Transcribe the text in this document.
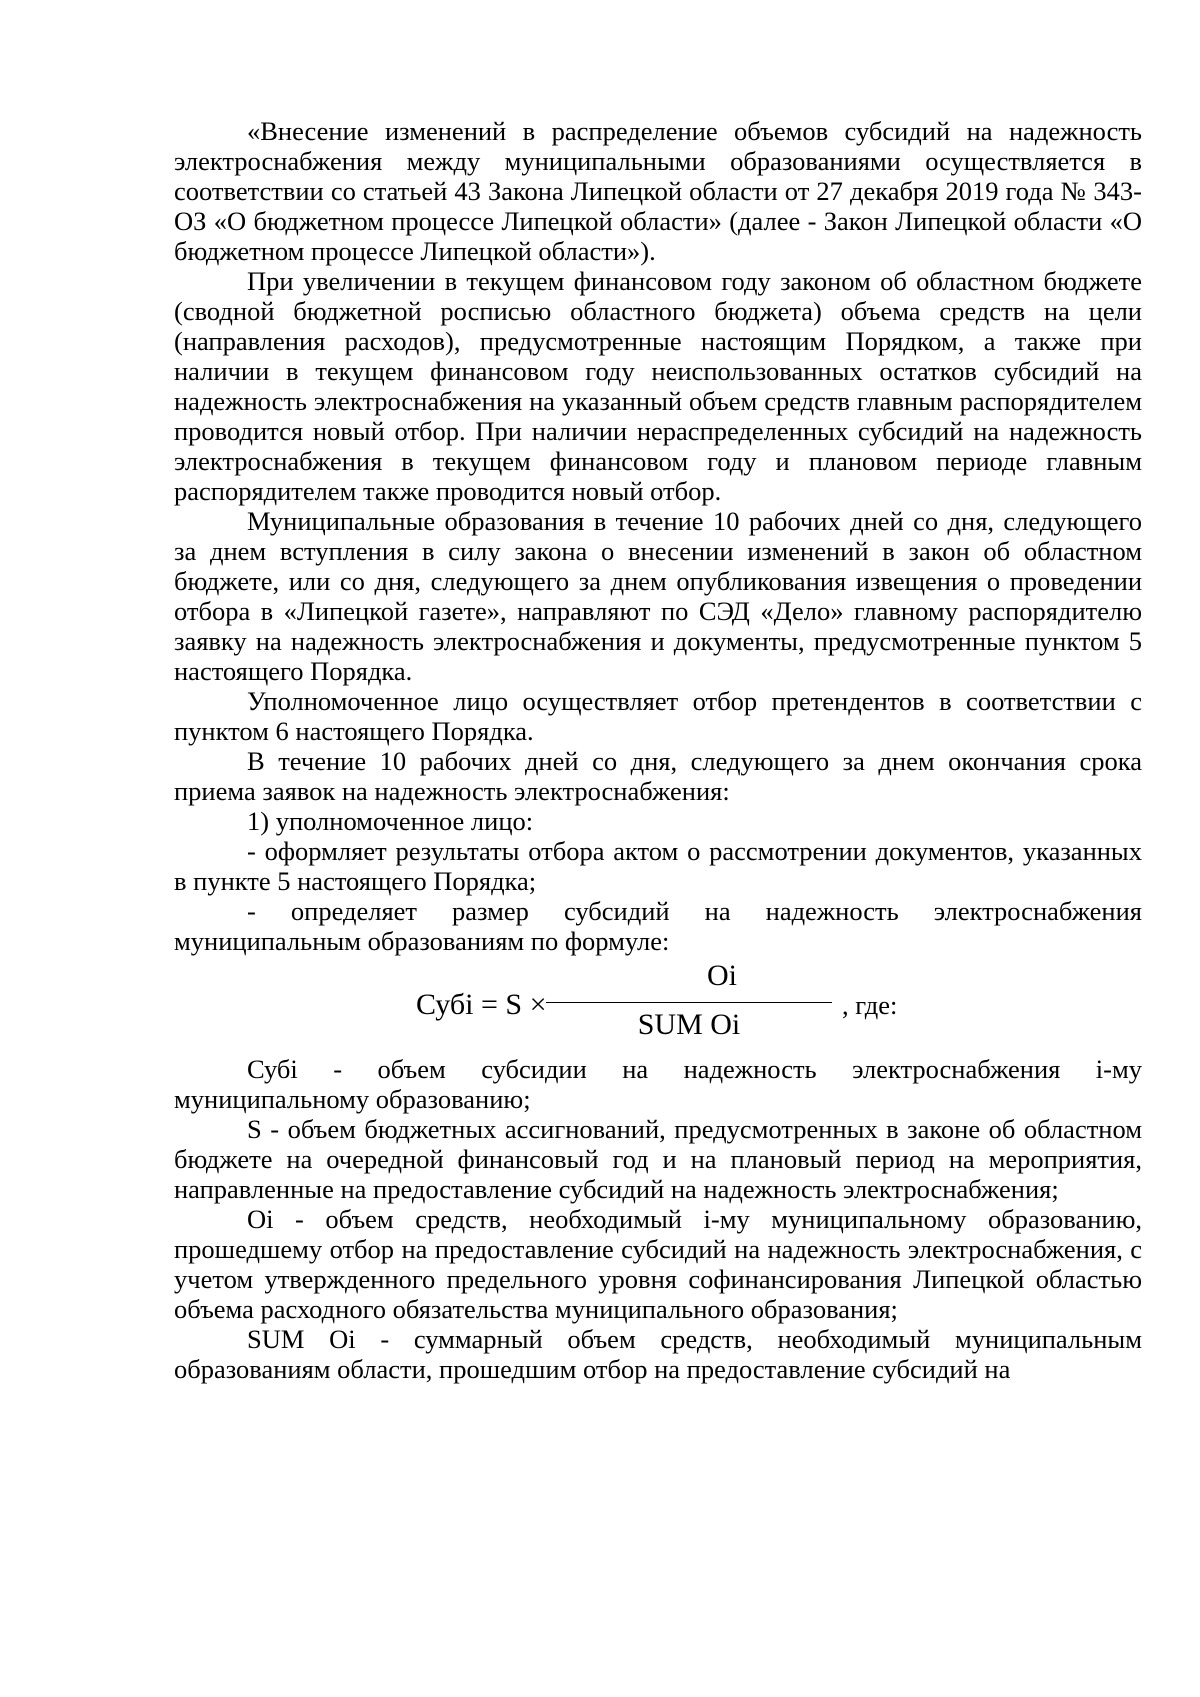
«Внесение изменений в распределение объемов субсидий на надежность электроснабжения между муниципальными образованиями осуществляется в соответствии со статьей 43 Закона Липецкой области от 27 декабря 2019 года № 343-ОЗ «О бюджетном процессе Липецкой области» (далее - Закон Липецкой области «О бюджетном процессе Липецкой области»).

При увеличении в текущем финансовом году законом об областном бюджете (сводной бюджетной росписью областного бюджета) объема средств на цели (направления расходов), предусмотренные настоящим Порядком, а также при наличии в текущем финансовом году неиспользованных остатков субсидий на надежность электроснабжения на указанный объем средств главным распорядителем проводится новый отбор. При наличии нераспределенных субсидий на надежность электроснабжения в текущем финансовом году и плановом периоде главным распорядителем также проводится новый отбор.

Муниципальные образования в течение 10 рабочих дней со дня, следующего за днем вступления в силу закона о внесении изменений в закон об областном бюджете, или со дня, следующего за днем опубликования извещения о проведении отбора в «Липецкой газете», направляют по СЭД «Дело» главному распорядителю заявку на надежность электроснабжения и документы, предусмотренные пунктом 5 настоящего Порядка.

Уполномоченное лицо осуществляет отбор претендентов в соответствии с пунктом 6 настоящего Порядка.

В течение 10 рабочих дней со дня, следующего за днем окончания срока приема заявок на надежность электроснабжения:

1) уполномоченное лицо:

- оформляет результаты отбора актом о рассмотрении документов, указанных в пункте 5 настоящего Порядка;

- определяет размер субсидий на надежность электроснабжения муниципальным образованиям по формуле:

Субi = S ×
Oi
SUM Oi
, где:

Субi - объем субсидии на надежность электроснабжения i-му муниципальному образованию;

S - объем бюджетных ассигнований, предусмотренных в законе об областном бюджете на очередной финансовый год и на плановый период на мероприятия, направленные на предоставление субсидий на надежность электроснабжения;

Oi - объем средств, необходимый i-му муниципальному образованию, прошедшему отбор на предоставление субсидий на надежность электроснабжения, с учетом утвержденного предельного уровня софинансирования Липецкой областью объема расходного обязательства муниципального образования;

SUM Oi - суммарный объем средств, необходимый муниципальным образованиям области, прошедшим отбор на предоставление субсидий на
